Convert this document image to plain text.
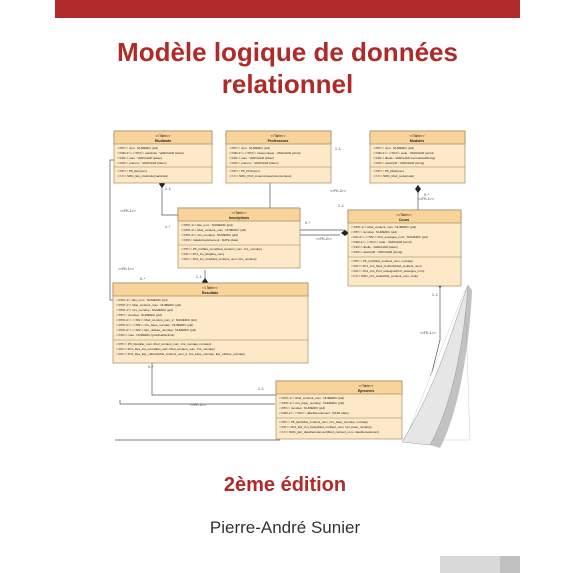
Modèle logique de données
relationnel
<<Table>>
Etudiants
<<PK>> num : NUMERIC (pid)
<<NID-1>> <<NN>> matricule : VARCHAR (token)
<<NN>> nom : VARCHAR (token)
<<NN>> prenom : VARCHAR (token)
<<PK>> PK_Etu(num)
<<U>> NID1_Etu_matricule(matricule)
<<Table>>
Professeurs
<<PK>> num : NUMERIC (pid)
<<NID-1>> <<NN>> mnemonique : VARCHAR (word)
<<NN>> nom : VARCHAR (token)
<<NN>> prenom : VARCHAR (token)
<<PK>> PK_Prof(num)
<<U>> NID1_Prof_mnemonique(mnemonique)
<<Table>>
Modules
<<PK>> num : NUMERIC (pid)
<<NID-1>> <<NN>> code : VARCHAR (word)
<<NN>> libelle : VARCHAR (normalizedString)
<<NN>> descriptif : VARCHAR (string)
<<PK>> PK_Mod(num)
<<U>> NID1_Mod_code(code)
<<Table>>
Inscriptions
<<PFK-1>> Etu_num : NUMERIC (pid)
<<PFK-1>> Mod_contient_num : NUMERIC (pid)
<<PFK-2>> Crs_numdep : NUMERIC (pid)
<<NN>> dateEnregistrement : DATE (date)
<<PK>> PK_InsSEs_num(Mod_contient_num, Crs_numdep)
<<FK>> FK1_Ins_Etu(Etu_num)
<<FK>> FK2_Ins_Crs(Mod_contient_num, Crs_numdep)
<<Table>>
Cours
<<PFK-1>> Mod_contient_num : NUMERIC (pid)
<<PK>> numdep : NUMERIC (pid)
<<FK-2>> <<NN>> Prof_enseigne_num : NUMERIC (pid)
<<NID-1>> <<NN>> code : VARCHAR (word)
<<NN>> libelle : VARCHAR (token)
<<NN>> descriptif : VARCHAR (string)
<<PK>> PK_Crs(Mod_contient_num, numdep)
<<FK>> FK1_Crs_Mod_contient(Mod_contient_num)
<<FK>> FK2_Crs_Prof_enseigne(Prof_enseigne_num)
<<U>> NID1_Crs_code(Mod_contient_num, code)
<<Table>>
Resultats
<<PFK-1>> Etu_num : NUMERIC (pid)
<<PFK-1>> Mod_contient_num : NUMERIC (pid)
<<PFK-1>> Crs_numdep : NUMERIC (pid)
<<PK>> numdep : NUMERIC (pid)
<<PFK-2>> <<NN>> Mod_contient_num_2 : NUMERIC (pid)
<<PFK-2>> <<NN>> Crs_base_numdep : NUMERIC (pid)
<<PFK-2>> <<NN>> Epr_utilisee_numdep : NUMERIC (pid)
<<NN>> note : NUMERIC (positiveDecimal)
<<PK>> PK_Res(Etu_num, Mod_contient_num, Crs_numdep, numdep)
<<FK>> FK1_Res_Ins_recoit(Etu_num, Mod_contient_num, Crs_numdep)
<<FK>> FK2_Res_Epr_obtient(Mod_contient_num_2, Crs_base_numdep, Epr_utilisee_numdep)
<<Table>>
Epreuves
<<PFK-1>> Mod_contient_num : NUMERIC (pid)
<<PFK-1>> Crs_base_numdep : NUMERIC (pid)
<<PK>> numdep : NUMERIC (pid)
<<NID-1>> <<NN>> dateDeroulement : DATE (date)
<<PK>> PK_Epr(Mod_contient_num, Crs_base_numdep, numdep)
<<FK>> FK1_Epr_Crs_base(Mod_contient_num, Crs_base_numdep)
<<U>> NID1_Epr_dateDeroulement(Mod_contient_num, dateDeroulement)
<<FK-1>>
<<FK-1>>
<<FK-1>>
<<FK-1>>
<<FK-2>>
<<FK-2>>
<<FK-2>>
1..1
1..*
1..1
0..*
1..1
0..*	1..1
0..*
1..1
0..*
1..1
2ème édition
Pierre-André Sunier
